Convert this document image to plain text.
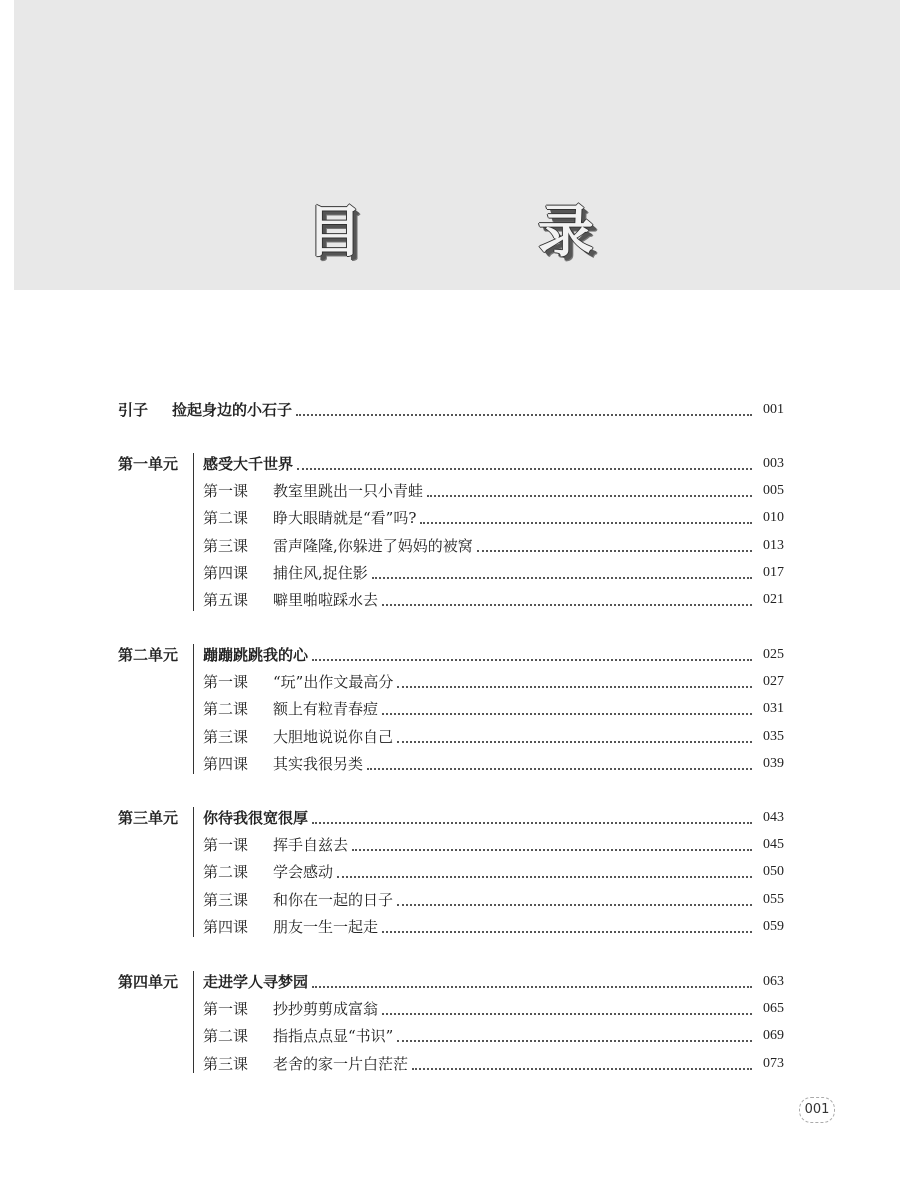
目 录
引子 捡起身边的小石子	001
第一单元	感受大千世界	003
第一课 教室里跳出一只小青蛙	005
第二课 睁大眼睛就是“看”吗?	010
第三课 雷声隆隆,你躲进了妈妈的被窝	013
第四课 捕住风,捉住影	017
第五课 噼里啪啦踩水去	021
第二单元	蹦蹦跳跳我的心	025
第一课 “玩”出作文最高分	027
第二课 额上有粒青春痘	031
第三课 大胆地说说你自己	035
第四课 其实我很另类	039
第三单元	你待我很宽很厚	043
第一课 挥手自兹去	045
第二课 学会感动	050
第三课 和你在一起的日子	055
第四课 朋友一生一起走	059
第四单元	走进学人寻梦园	063
第一课 抄抄剪剪成富翁	065
第二课 指指点点显“书识”	069
第三课 老舍的家一片白茫茫	073
001
